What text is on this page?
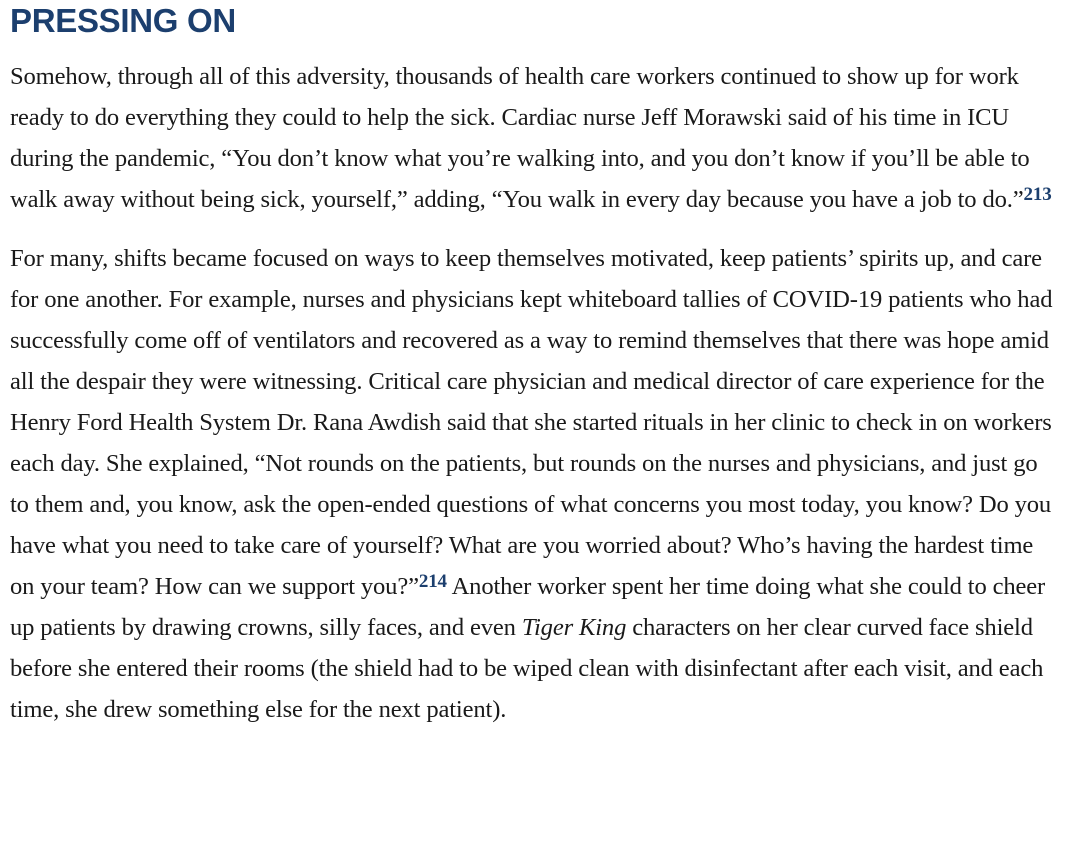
PRESSING ON

Somehow, through all of this adversity, thousands of health care workers continued to show up for work ready to do everything they could to help the sick. Cardiac nurse Jeff Morawski said of his time in ICU during the pandemic, “You don’t know what you’re walking into, and you don’t know if you’ll be able to walk away without being sick, yourself,” adding, “You walk in every day because you have a job to do.”$^{213}$

For many, shifts became focused on ways to keep themselves motivated, keep patients’ spirits up, and care for one another. For example, nurses and physicians kept whiteboard tallies of COVID-19 patients who had successfully come off of ventilators and recovered as a way to remind themselves that there was hope amid all the despair they were witnessing. Critical care physician and medical director of care experience for the Henry Ford Health System Dr. Rana Awdish said that she started rituals in her clinic to check in on workers each day. She explained, “Not rounds on the patients, but rounds on the nurses and physicians, and just go to them and, you know, ask the open-ended questions of what concerns you most today, you know? Do you have what you need to take care of yourself? What are you worried about? Who’s having the hardest time on your team? How can we support you?”$^{214}$ Another worker spent her time doing what she could to cheer up patients by drawing crowns, silly faces, and even Tiger King characters on her clear curved face shield before she entered their rooms (the shield had to be wiped clean with disinfectant after each visit, and each time, she drew something else for the next patient).
